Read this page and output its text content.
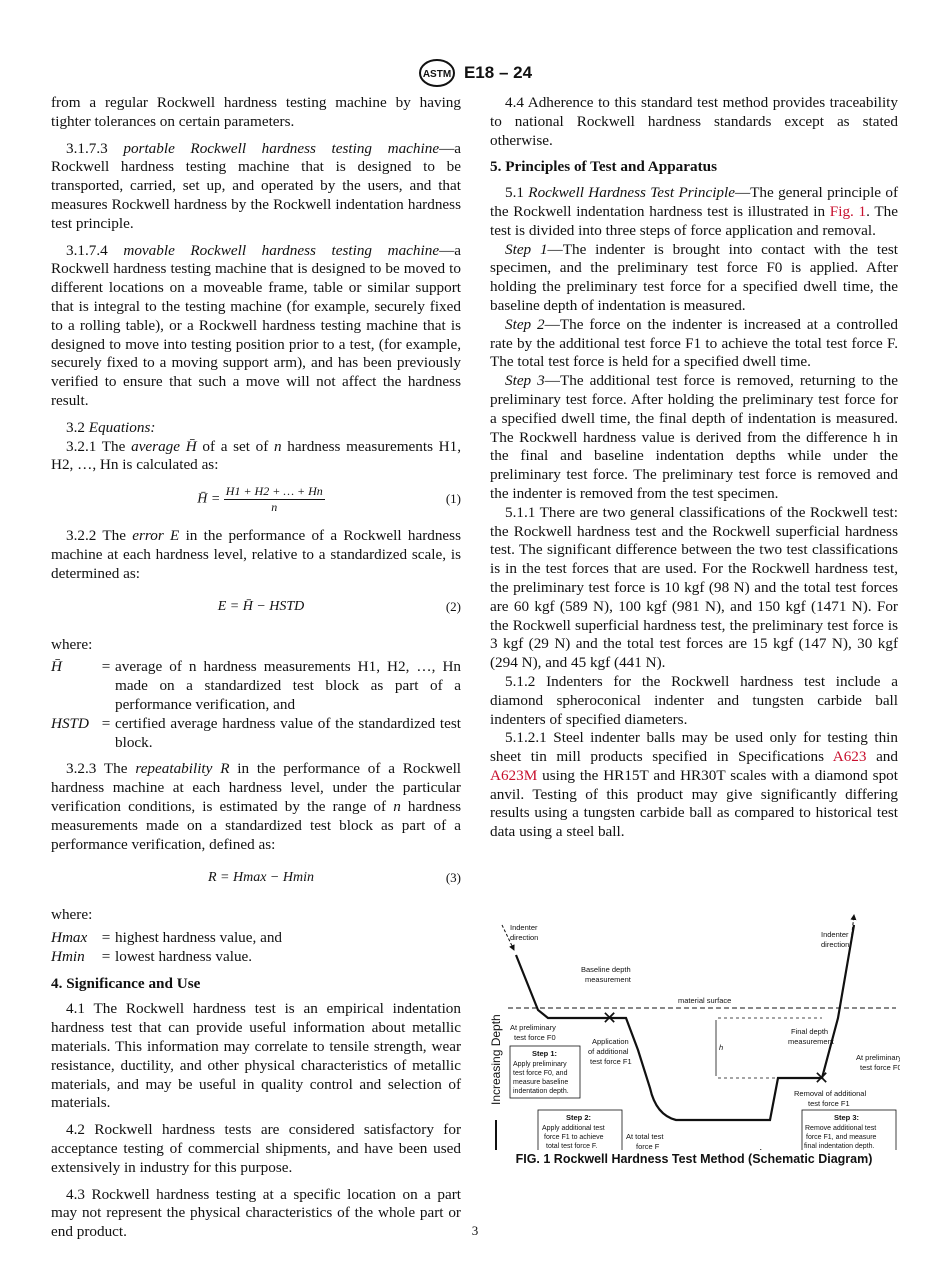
ASTM E18 – 24

from a regular Rockwell hardness testing machine by having tighter tolerances on certain parameters.

3.1.7.3 portable Rockwell hardness testing machine—a Rockwell hardness testing machine that is designed to be transported, carried, set up, and operated by the users, and that measures Rockwell hardness by the Rockwell indentation hardness test principle.

3.1.7.4 movable Rockwell hardness testing machine—a Rockwell hardness testing machine that is designed to be moved to different locations on a moveable frame, table or similar support that is integral to the testing machine (for example, securely fixed to a rolling table), or a Rockwell hardness testing machine that is designed to move into testing position prior to a test, (for example, securely fixed to a moving support arm), and has been previously verified to ensure that such a move will not affect the hardness result.

3.2 Equations:

3.2.1 The average H̄ of a set of n hardness measurements H1, H2, …, Hn is calculated as:

H̄ = $\frac{H1 + H2 + \dots + Hn}{n}$	(1)

3.2.2 The error E in the performance of a Rockwell hardness machine at each hardness level, relative to a standardized scale, is determined as:

E = H̄ − HSTD	(2)
where:
H̄	= average of n hardness measurements H1, H2, …, Hn made on a standardized test block as part of a performance verification, and
HSTD = certified average hardness value of the standardized test block.

3.2.3 The repeatability R in the performance of a Rockwell hardness machine at each hardness level, under the particular verification conditions, is estimated by the range of n hardness measurements made on a standardized test block as part of a performance verification, defined as:

R = Hmax − Hmin	(3)
where:
Hmax = highest hardness value, and
Hmin	= lowest hardness value.
4. Significance and Use

4.1 The Rockwell hardness test is an empirical indentation hardness test that can provide useful information about metallic materials. This information may correlate to tensile strength, wear resistance, ductility, and other physical characteristics of metallic materials, and may be useful in quality control and selection of materials.

4.2 Rockwell hardness tests are considered satisfactory for acceptance testing of commercial shipments, and have been used extensively in industry for this purpose.

4.3 Rockwell hardness testing at a specific location on a part may not represent the physical characteristics of the whole part or end product.

4.4 Adherence to this standard test method provides traceability to national Rockwell hardness standards except as stated otherwise.

5. Principles of Test and Apparatus

5.1 Rockwell Hardness Test Principle—The general principle of the Rockwell indentation hardness test is illustrated in Fig. 1. The test is divided into three steps of force application and removal.

Step 1—The indenter is brought into contact with the test specimen, and the preliminary test force F0 is applied. After holding the preliminary test force for a specified dwell time, the baseline depth of indentation is measured.

Step 2—The force on the indenter is increased at a controlled rate by the additional test force F1 to achieve the total test force F. The total test force is held for a specified dwell time.

Step 3—The additional test force is removed, returning to the preliminary test force. After holding the preliminary test force for a specified dwell time, the final depth of indentation is measured. The Rockwell hardness value is derived from the difference h in the final and baseline indentation depths while under the preliminary test force. The preliminary test force is removed and the indenter is removed from the test specimen.

5.1.1 There are two general classifications of the Rockwell test: the Rockwell hardness test and the Rockwell superficial hardness test. The significant difference between the two test classifications is in the test forces that are used. For the Rockwell hardness test, the preliminary test force is 10 kgf (98 N) and the total test forces are 60 kgf (589 N), 100 kgf (981 N), and 150 kgf (1471 N). For the Rockwell superficial hardness test, the preliminary test force is 3 kgf (29 N) and the total test forces are 15 kgf (147 N), 30 kgf (294 N), and 45 kgf (441 N).

5.1.2 Indenters for the Rockwell hardness test include a diamond spheroconical indenter and tungsten carbide ball indenters of specified diameters.

5.1.2.1 Steel indenter balls may be used only for testing thin sheet tin mill products specified in Specifications A623 and A623M using the HR15T and HR30T scales with a diamond spot anvil. Testing of this product may give significantly differing results using a tungsten carbide ball as compared to historical test data using a steel ball.

Increasing Depth
material surface
h
✕
✕
Indenter
direction	Indenter
direction
Baseline depth
measurement
Final depth
measurement
At preliminary
test force F0
At preliminary
test force F0
Application
of additional
test force F1
At total test
force F
Removal of additional
test force F1
Step 1:
Apply preliminary
test force F0, and
measure baseline
indentation depth.
Step 2:
Apply additional test
force F1 to achieve
total test force F.
Step 3:
Remove additional test
force F1, and measure
final indentation depth.
FIG. 1 Rockwell Hardness Test Method (Schematic Diagram)
3
